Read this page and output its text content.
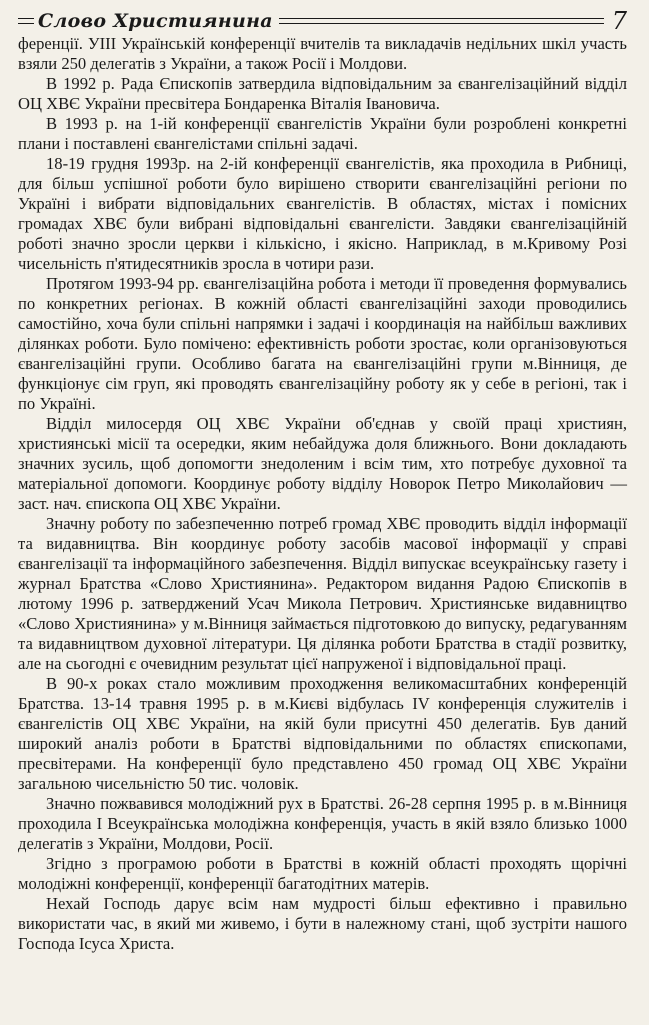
Слово Християнина	7

ференції. УІІІ Українській конференції вчителів та викладачів недільних шкіл участь взяли 250 делегатів з України, а також Росії і Молдови.

В 1992 р. Рада Єпископів затвердила відповідальним за євангелізаційний відділ ОЦ ХВЄ України пресвітера Бондаренка Віталія Івановича.

В 1993 р. на 1-ій конференції євангелістів України були розроблені конкретні плани і поставлені євангелістами спільні задачі.

18-19 грудня 1993р. на 2-ій конференції євангелістів, яка проходила в Рибниці, для більш успішної роботи було вирішено створити євангелізаційні регіони по Україні і вибрати відповідальних євангелістів. В областях, містах і помісних громадах ХВЄ були вибрані відповідальні євангелісти. Завдяки євангелізаційній роботі значно зросли церкви і кількісно, і якісно. Наприклад, в м.Кривому Розі чисельність п'ятидесятників зросла в чотири рази.

Протягом 1993-94 рр. євангелізаційна робота і методи її проведення формувались по конкретних регіонах. В кожній області євангелізаційні заходи проводились самостійно, хоча були спільні напрямки і задачі і координація на найбільш важливих ділянках роботи. Було помічено: ефективність роботи зростає, коли організовуються євангелізаційні групи. Особливо багата на євангелізаційні групи м.Вінниця, де функціонує сім груп, які проводять євангелізаційну роботу як у себе в регіоні, так і по Україні.

Відділ милосердя ОЦ ХВЄ України об'єднав у своїй праці християн, християнські місії та осередки, яким небайдужа доля ближнього. Вони докладають значних зусиль, щоб допомогти знедоленим і всім тим, хто потребує духовної та матеріальної допомоги. Координує роботу відділу Новорок Петро Миколайович — заст. нач. єпископа ОЦ ХВЄ України.

Значну роботу по забезпеченню потреб громад ХВЄ проводить відділ інформації та видавництва. Він координує роботу засобів масової інформації у справі євангелізації та інформаційного забезпечення. Відділ випускає всеукраїнську газету і журнал Братства «Слово Християнина». Редактором видання Радою Єпископів в лютому 1996 р. затверджений Усач Микола Петрович. Християнське видавництво «Слово Християнина» у м.Вінниця займається підготовкою до випуску, редагуванням та видавництвом духовної літератури. Ця ділянка роботи Братства в стадії розвитку, але на сьогодні є очевидним результат цієї напруженої і відповідальної праці.

В 90-х роках стало можливим проходження великомасштабних конференцій Братства. 13-14 травня 1995 р. в м.Києві відбулась ІV конференція служителів і євангелістів ОЦ ХВЄ України, на якій були присутні 450 делегатів. Був даний широкий аналіз роботи в Братстві відповідальними по областях єпископами, пресвітерами. На конференції було представлено 450 громад ОЦ ХВЄ України загальною чисельністю 50 тис. чоловік.

Значно пожвавився молодіжний рух в Братстві. 26-28 серпня 1995 р. в м.Вінниця проходила І Всеукраїнська молодіжна конференція, участь в якій взяло близько 1000 делегатів з України, Молдови, Росії.

Згідно з програмою роботи в Братстві в кожній області проходять щорічні молодіжні конференції, конференції багатодітних матерів.

Нехай Господь дарує всім нам мудрості більш ефективно і правильно використати час, в який ми живемо, і бути в належному стані, щоб зустріти нашого Господа Ісуса Христа.
